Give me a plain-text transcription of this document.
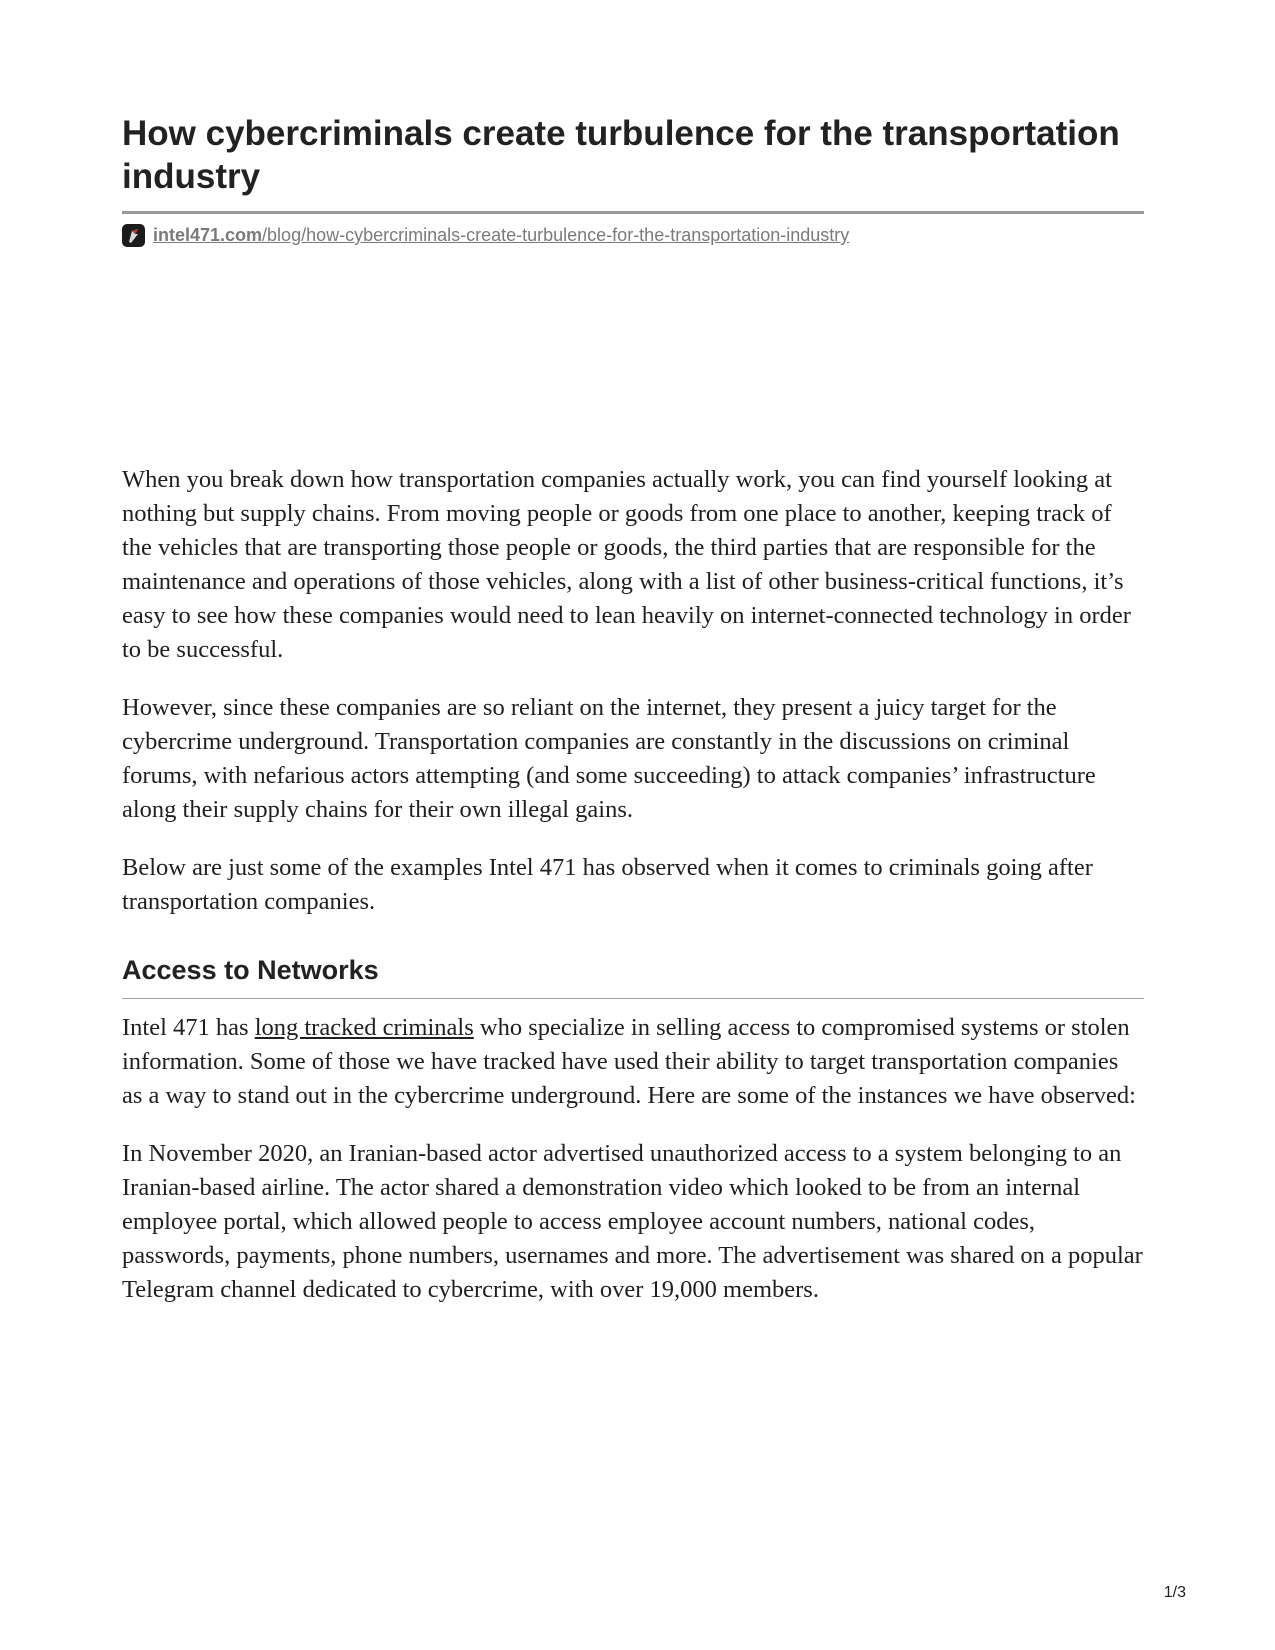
How cybercriminals create turbulence for the transportation industry
intel471.com/blog/how-cybercriminals-create-turbulence-for-the-transportation-industry

When you break down how transportation companies actually work, you can find yourself looking at nothing but supply chains. From moving people or goods from one place to another, keeping track of the vehicles that are transporting those people or goods, the third parties that are responsible for the maintenance and operations of those vehicles, along with a list of other business-critical functions, it’s easy to see how these companies would need to lean heavily on internet-connected technology in order to be successful.

However, since these companies are so reliant on the internet, they present a juicy target for the cybercrime underground. Transportation companies are constantly in the discussions on criminal forums, with nefarious actors attempting (and some succeeding) to attack companies’ infrastructure along their supply chains for their own illegal gains.

Below are just some of the examples Intel 471 has observed when it comes to criminals going after transportation companies.

Access to Networks

Intel 471 has long tracked criminals who specialize in selling access to compromised systems or stolen information. Some of those we have tracked have used their ability to target transportation companies as a way to stand out in the cybercrime underground. Here are some of the instances we have observed:

In November 2020, an Iranian-based actor advertised unauthorized access to a system belonging to an Iranian-based airline. The actor shared a demonstration video which looked to be from an internal employee portal, which allowed people to access employee account numbers, national codes, passwords, payments, phone numbers, usernames and more. The advertisement was shared on a popular Telegram channel dedicated to cybercrime, with over 19,000 members.

1/3
